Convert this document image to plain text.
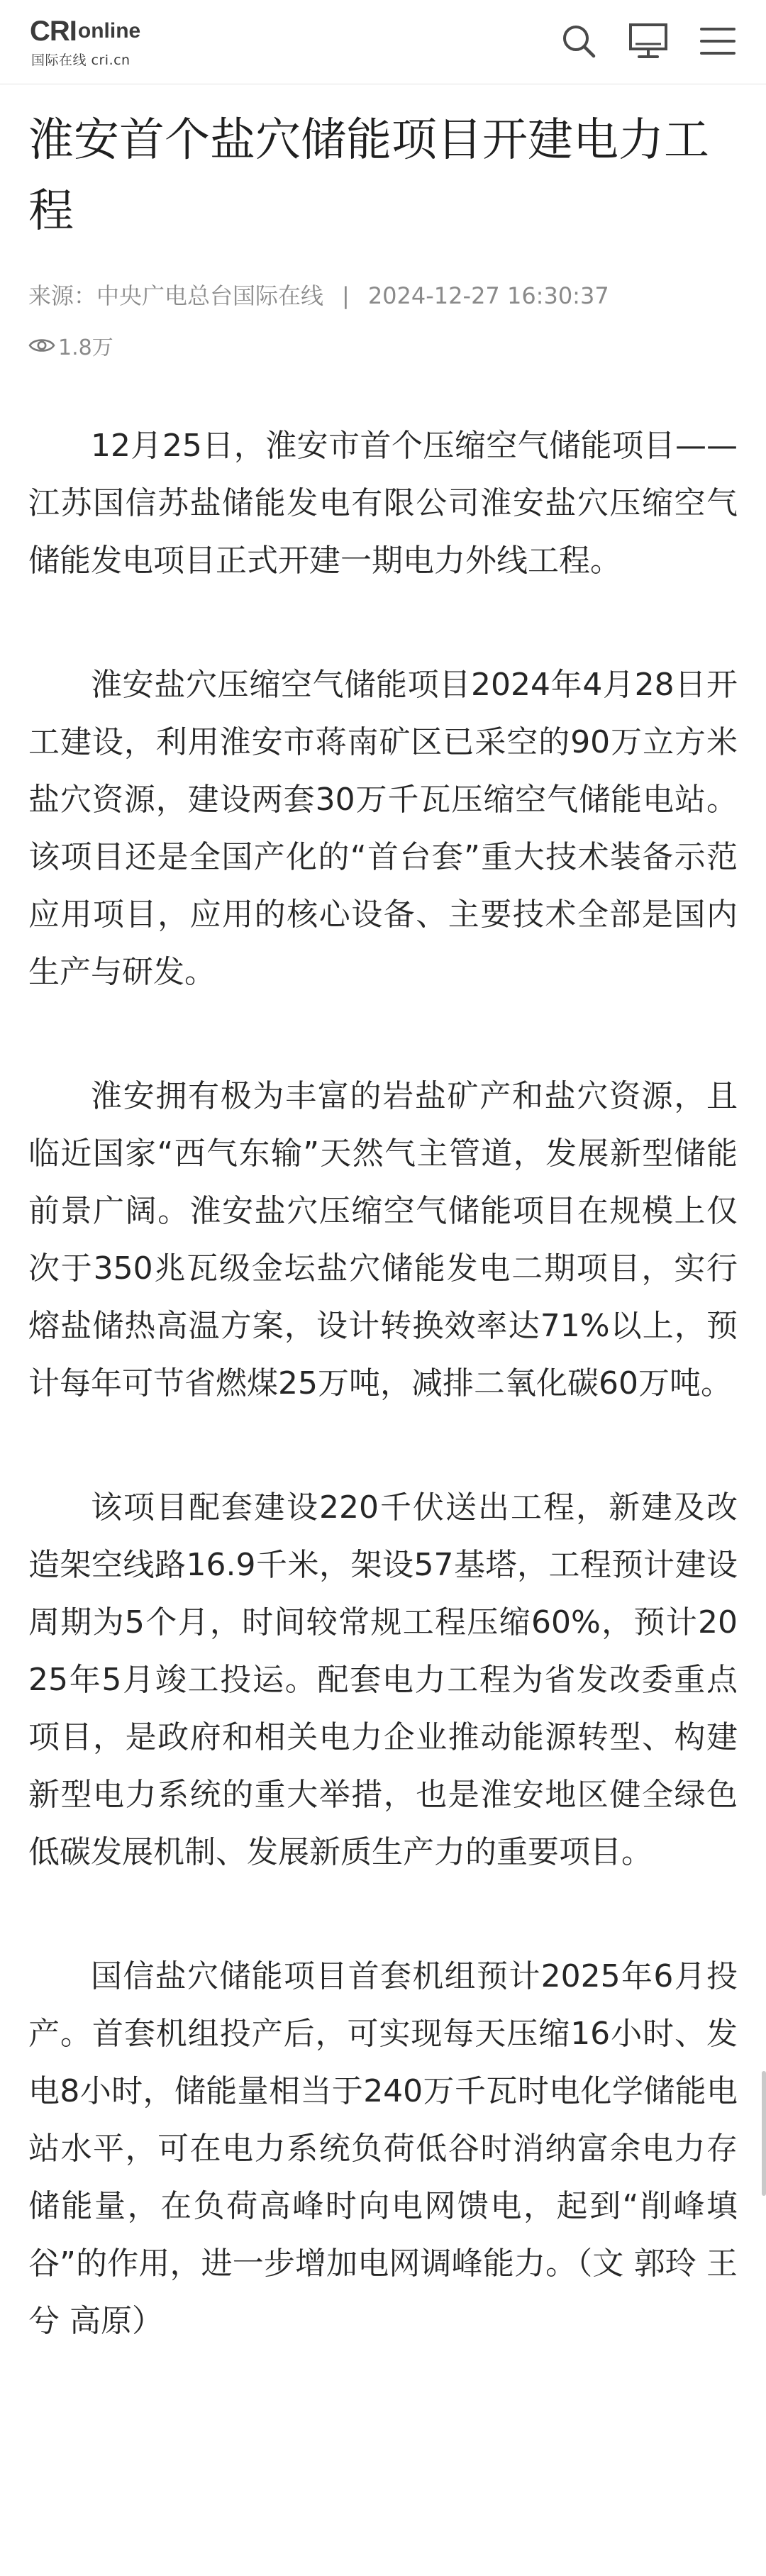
CRI online
国际在线 cri.cn
淮安首个盐穴储能项目开建电力工程
来源：中央广电总台国际在线 | 2024-12-27 16:30:37
1.8万

12月25日，淮安市首个压缩空气储能项目——江苏国信苏盐储能发电有限公司淮安盐穴压缩空气储能发电项目正式开建一期电力外线工程。

淮安盐穴压缩空气储能项目2024年4月28日开工建设，利用淮安市蒋南矿区已采空的90万立方米盐穴资源，建设两套30万千瓦压缩空气储能电站。该项目还是全国产化的“首台套”重大技术装备示范应用项目，应用的核心设备、主要技术全部是国内生产与研发。

淮安拥有极为丰富的岩盐矿产和盐穴资源，且临近国家“西气东输”天然气主管道，发展新型储能前景广阔。淮安盐穴压缩空气储能项目在规模上仅次于350兆瓦级金坛盐穴储能发电二期项目，实行熔盐储热高温方案，设计转换效率达71%以上，预计每年可节省燃煤25万吨，减排二氧化碳60万吨。

该项目配套建设220千伏送出工程，新建及改造架空线路16.9千米，架设57基塔，工程预计建设周期为5个月，时间较常规工程压缩60%，预计2025年5月竣工投运。配套电力工程为省发改委重点项目，是政府和相关电力企业推动能源转型、构建新型电力系统的重大举措，也是淮安地区健全绿色低碳发展机制、发展新质生产力的重要项目。

国信盐穴储能项目首套机组预计2025年6月投产。首套机组投产后，可实现每天压缩16小时、发电8小时，储能量相当于240万千瓦时电化学储能电站水平，可在电力系统负荷低谷时消纳富余电力存储能量，在负荷高峰时向电网馈电，起到“削峰填谷”的作用，进一步增加电网调峰能力。（文 郭玲 王兮 高原）
